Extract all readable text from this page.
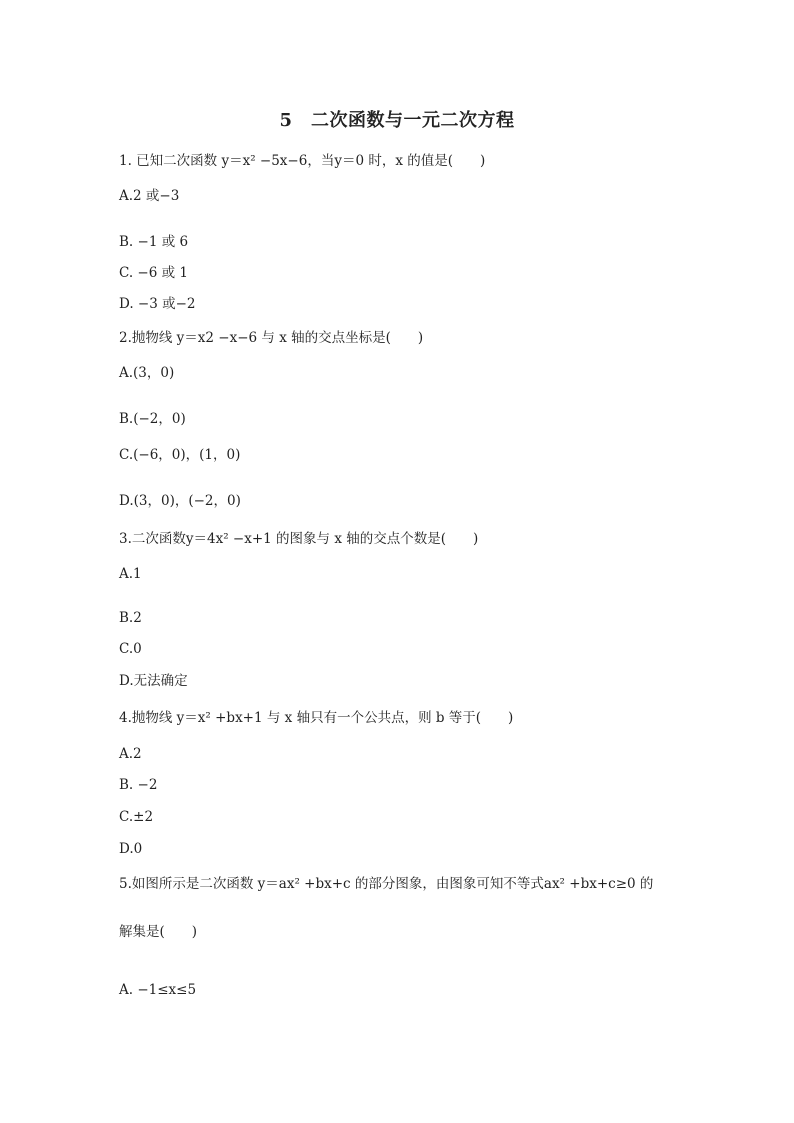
5　二次函数与一元二次方程
1. 已知二次函数 y＝x² −5x−6，当y＝0 时，x 的值是(　　)
A.2 或−3
B. −1 或 6
C. −6 或 1
D. −3 或−2
2.抛物线 y＝x2 −x−6 与 x 轴的交点坐标是(　　)
A.(3，0)
B.(−2，0)
C.(−6，0)，(1，0)
D.(3，0)，(−2，0)
3.二次函数y＝4x² −x+1 的图象与 x 轴的交点个数是(　　)
A.1
B.2
C.0
D.无法确定
4.抛物线 y＝x² +bx+1 与 x 轴只有一个公共点，则 b 等于(　　)
A.2
B. −2
C.±2
D.0
5.如图所示是二次函数 y＝ax² +bx+c 的部分图象，由图象可知不等式ax² +bx+c≥0 的
解集是(　　)
A. −1≤x≤5
